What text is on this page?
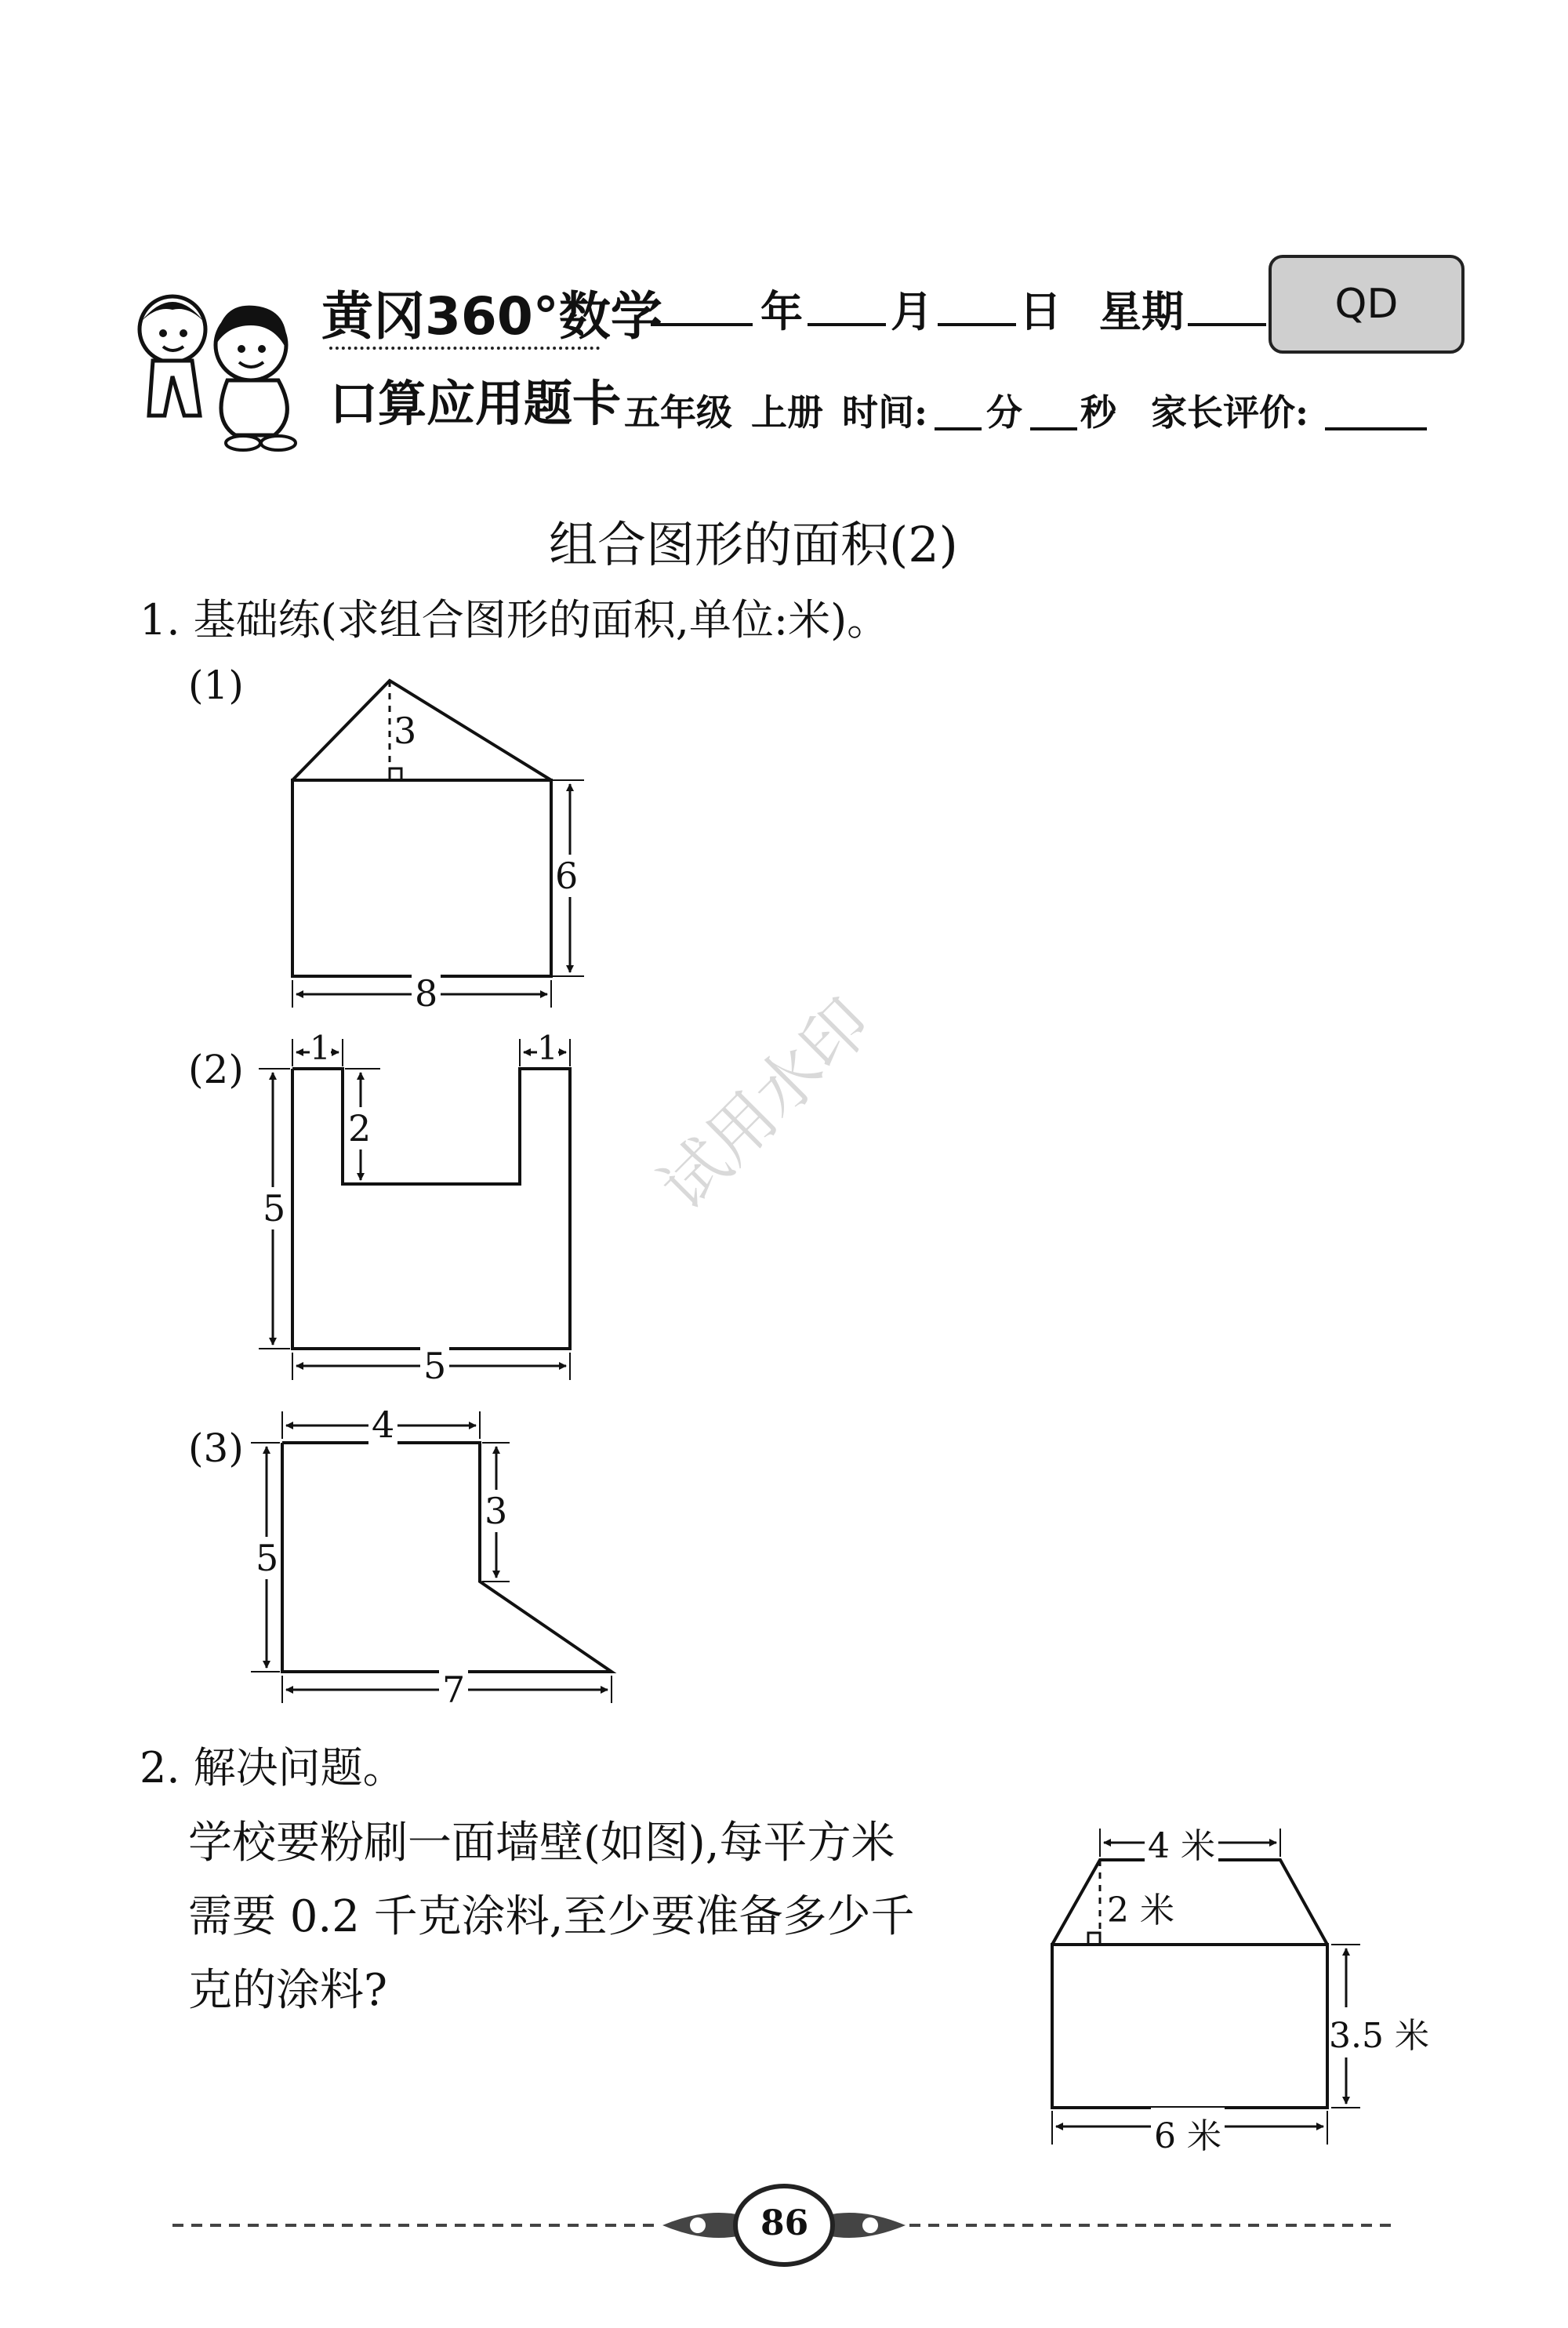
黄冈360°数学
口算应用题卡
年 月 日 星期	QD
五年级 上册 时间: 分 秒 家长评价:
组合图形的面积(2)
1. 基础练(求组合图形的面积,单位:米)。
(1)
(2)
(3)
3
6
8
1	1
2
5
5
4
3
5
7
2. 解决问题。
学校要粉刷一面墙壁(如图),每平方米
需要 0.2 千克涂料,至少要准备多少千
克的涂料?
4 米
2 米
3.5 米
6 米
试用水印
86
